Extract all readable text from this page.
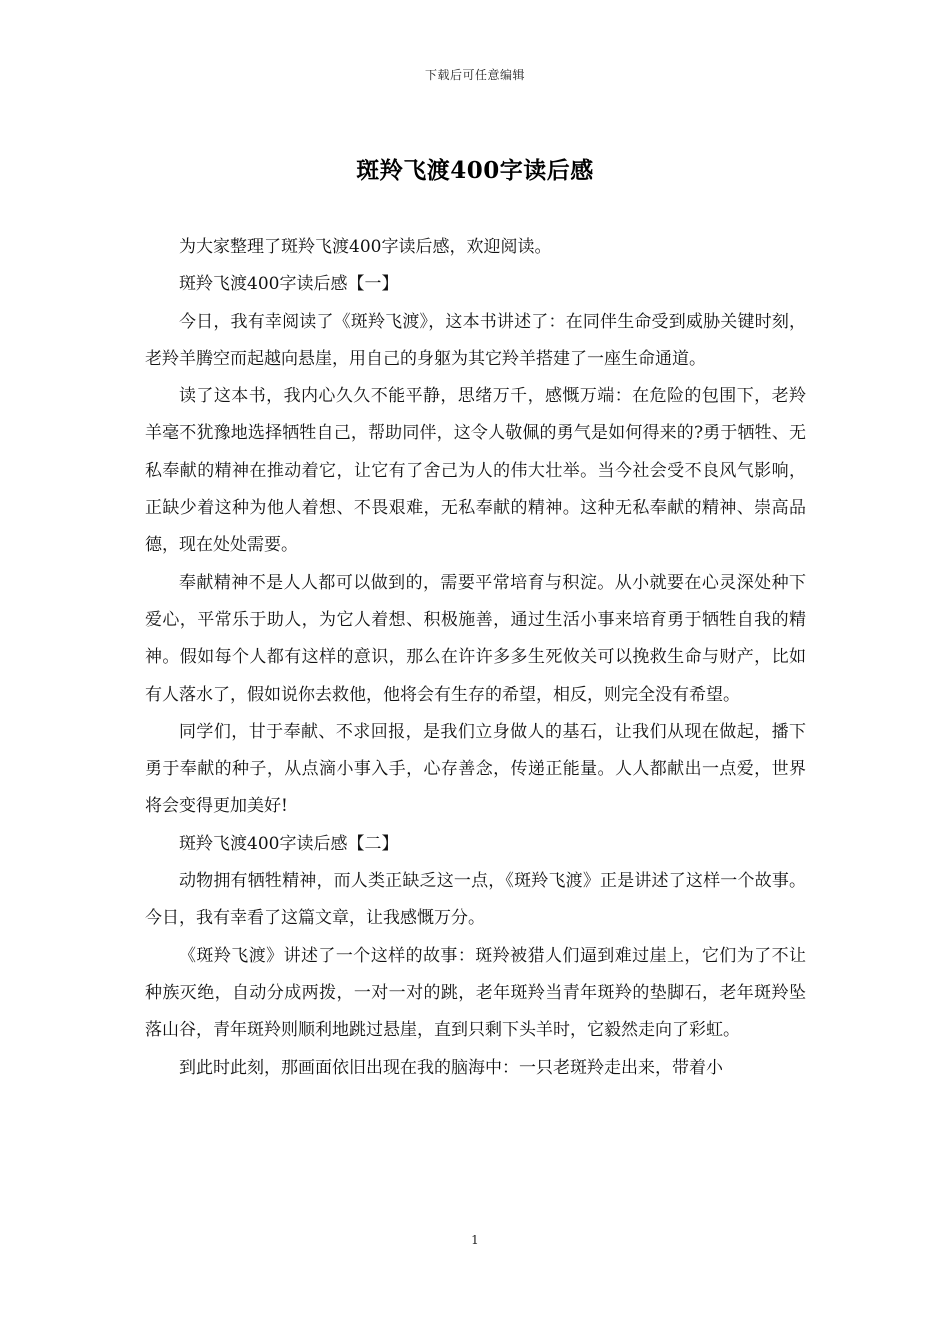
下载后可任意编辑
斑羚飞渡400字读后感

为大家整理了斑羚飞渡400字读后感，欢迎阅读。

斑羚飞渡400字读后感【一】

今日，我有幸阅读了《斑羚飞渡》，这本书讲述了：在同伴生命受到威胁关键时刻，老羚羊腾空而起越向悬崖，用自己的身躯为其它羚羊搭建了一座生命通道。

读了这本书，我内心久久不能平静，思绪万千，感慨万端：在危险的包围下，老羚羊毫不犹豫地选择牺牲自己，帮助同伴，这令人敬佩的勇气是如何得来的?勇于牺牲、无私奉献的精神在推动着它，让它有了舍己为人的伟大壮举。当今社会受不良风气影响，正缺少着这种为他人着想、不畏艰难，无私奉献的精神。这种无私奉献的精神、崇高品德，现在处处需要。

奉献精神不是人人都可以做到的，需要平常培育与积淀。从小就要在心灵深处种下爱心，平常乐于助人，为它人着想、积极施善，通过生活小事来培育勇于牺牲自我的精神。假如每个人都有这样的意识，那么在许许多多生死攸关可以挽救生命与财产，比如有人落水了，假如说你去救他，他将会有生存的希望，相反，则完全没有希望。

同学们，甘于奉献、不求回报，是我们立身做人的基石，让我们从现在做起，播下勇于奉献的种子，从点滴小事入手，心存善念，传递正能量。人人都献出一点爱，世界将会变得更加美好!

斑羚飞渡400字读后感【二】

动物拥有牺牲精神，而人类正缺乏这一点，《斑羚飞渡》正是讲述了这样一个故事。今日，我有幸看了这篇文章，让我感慨万分。

《斑羚飞渡》讲述了一个这样的故事：斑羚被猎人们逼到难过崖上，它们为了不让种族灭绝，自动分成两拨，一对一对的跳，老年斑羚当青年斑羚的垫脚石，老年斑羚坠落山谷，青年斑羚则顺利地跳过悬崖，直到只剩下头羊时，它毅然走向了彩虹。

到此时此刻，那画面依旧出现在我的脑海中：一只老斑羚走出来，带着小

1
